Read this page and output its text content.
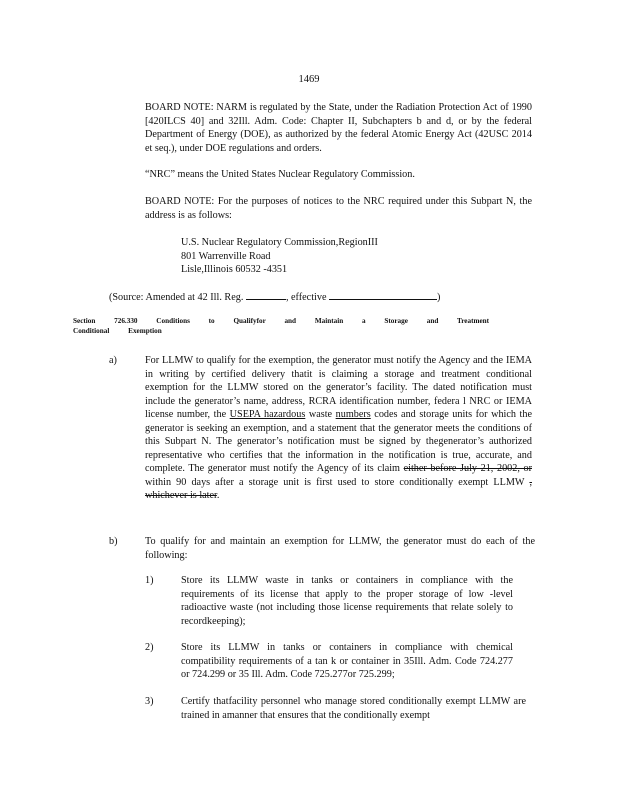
1469

BOARD NOTE: NARM is regulated by the State, under the Radiation Protection Act of 1990 [420ILCS 40] and 32Ill. Adm. Code: Chapter II, Subchapters b and d, or by the federal Department of Energy (DOE), as authorized by the federal Atomic Energy Act (42USC 2014 et seq.), under DOE regulations and orders.

“NRC” means the United States Nuclear Regulatory Commission.

BOARD NOTE: For the purposes of notices to the NRC required under this Subpart N, the address is as follows:

U.S. Nuclear Regulatory Commission,RegionIII
801 Warrenville Road
Lisle,Illinois 60532 -4351
(Source: Amended at 42 Ill. Reg.	, effective	)
Section 726.330 Conditions to Qualifyfor and Maintain a Storage and Treatment
Conditional Exemption
a)	For LLMW to qualify for the exemption, the generator must notify the Agency and the IEMA in writing by certified delivery thatit is claiming a storage and treatment conditional exemption for the LLMW stored on the generator’s facility. The dated notification must include the generator’s name, address, RCRA identification number, federa l NRC or IEMA license number, the USEPA hazardous waste numbers codes and storage units for which the generator is seeking an exemption, and a statement that the generator meets the conditions of this Subpart N. The generator’s notification must be signed by thegenerator’s authorized representative who certifies that the information in the notification is true, accurate, and complete. The generator must notify the Agency of its claim either before July 21, 2002, or within 90 days after a storage unit is first used to store conditionally exempt LLMW , whichever is later.

b)	To qualify for and maintain an exemption for LLMW, the generator must do each of the following:

1)	Store its LLMW waste in tanks or containers in compliance with the requirements of its license that apply to the proper storage of low -level radioactive waste (not including those license requirements that relate solely to recordkeeping);

2)	Store its LLMW in tanks or containers in compliance with chemical compatibility requirements of a tan k or container in 35Ill. Adm. Code 724.277 or 724.299 or 35 Ill. Adm. Code 725.277or 725.299;

3)	Certify thatfacility personnel who manage stored conditionally exempt LLMW are trained in amanner that ensures that the conditionally exempt
